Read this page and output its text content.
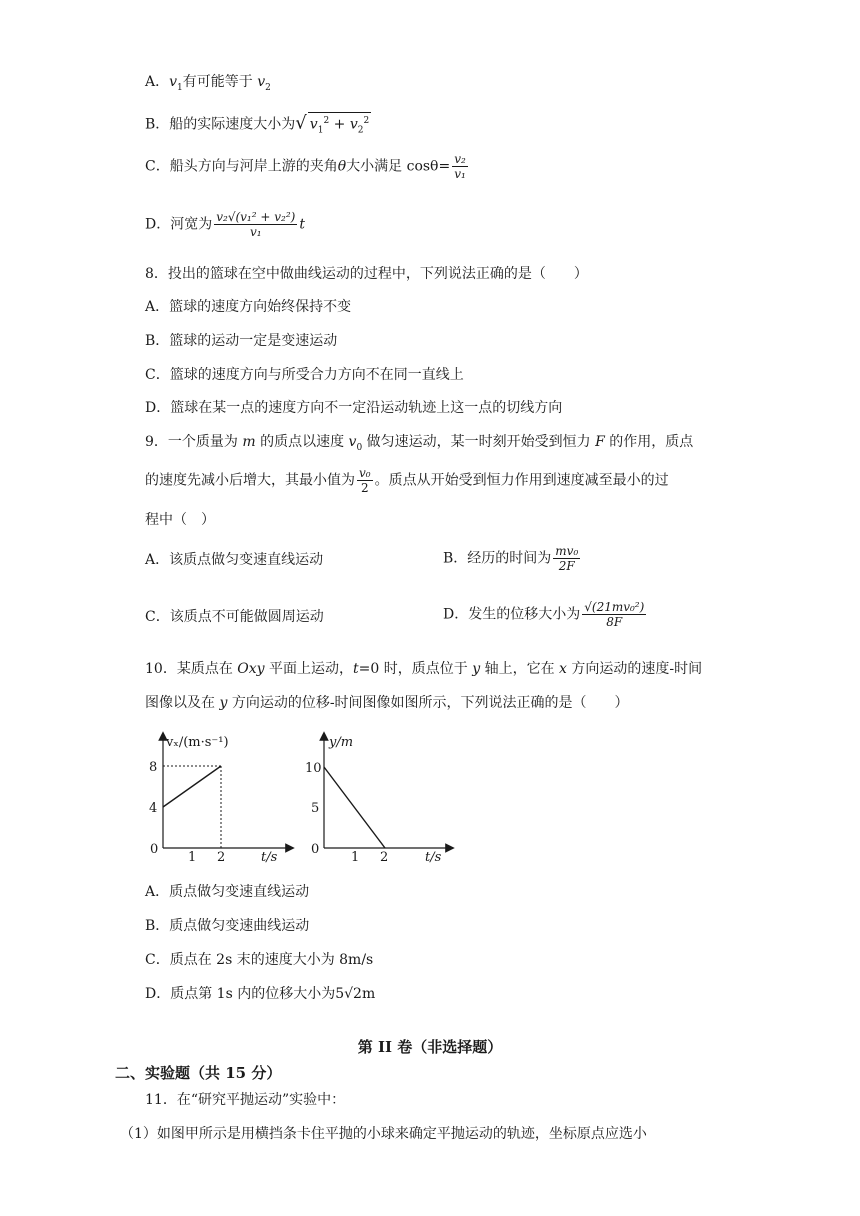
A．$v_1$有可能等于 $v_2$
B．船的实际速度大小为√ $v_1^2 + v_2^2$
C．船头方向与河岸上游的夹角θ大小满足 $\cos\theta= \frac{\text{v₂}}{\text{v₁}}$
D．河宽为 $\frac{\text{v₂√(v₁² + v₂²)}}{\text{v₁}}$ t
8．投出的篮球在空中做曲线运动的过程中，下列说法正确的是（　　）
A．篮球的速度方向始终保持不变
B．篮球的运动一定是变速运动
C．篮球的速度方向与所受合力方向不在同一直线上
D．篮球在某一点的速度方向不一定沿运动轨迹上这一点的切线方向
9．一个质量为 m 的质点以速度 $v_0$ 做匀速运动，某一时刻开始受到恒力 F 的作用，质点
的速度先减小后增大，其最小值为 $\frac{\text{v₀}}{2}$ 。质点从开始受到恒力作用到速度减至最小的过
程中（　）
A．该质点做匀变速直线运动	B．经历的时间为 $\frac{\text{mv₀}}{2F}$
C．该质点不可能做圆周运动	D．发生的位移大小为 $\frac{\text{√(21mv₀²)}}{8F}$
10．某质点在 Oxy 平面上运动，t=0 时，质点位于 y 轴上，它在 x 方向运动的速度-时间
图像以及在 y 方向运动的位移-时间图像如图所示，下列说法正确的是（　　）
vₓ/(m·s⁻¹)
8
4
0
1 2	t/s
y/m
10
5
0
1 2	t/s
A．质点做匀变速直线运动
B．质点做匀变速曲线运动
C．质点在 2s 末的速度大小为 8m/s
D．质点第 1s 内的位移大小为5√2m
第 II 卷（非选择题）
二、实验题（共 15 分）
11．在“研究平抛运动”实验中：
（1）如图甲所示是用横挡条卡住平抛的小球来确定平抛运动的轨迹，坐标原点应选小
